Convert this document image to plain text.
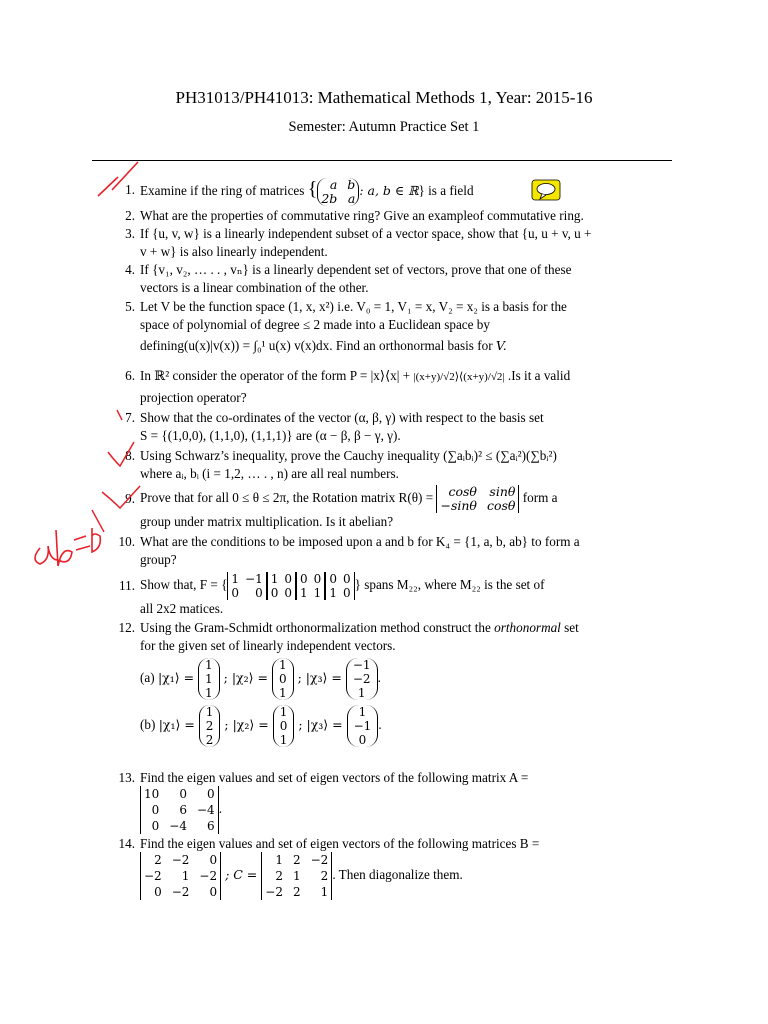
PH31013/PH41013: Mathematical Methods 1, Year: 2015-16
Semester: Autumn Practice Set 1
1. Examine if the ring of matrices {	a b
2b a
: a, b ∈ ℝ} is a field
2. What are the properties of commutative ring? Give an exampleof commutative ring.
3. If {u, v, w} is a linearly independent subset of a vector space, show that {u, u + v, u +
v + w} is also linearly independent.
4. If {v₁, v₂, … . . , vₙ} is a linearly dependent set of vectors, prove that one of these
vectors is a linear combination of the other.
5. Let V be the function space (1, x, x²) i.e. V₀ = 1, V₁ = x, V₂ = x₂ is a basis for the
space of polynomial of degree ≤ 2 made into a Euclidean space by
defining(u(x)|v(x)) = ∫₀¹ u(x) v(x)dx. Find an orthonormal basis for V.
6. In ℝ² consider the operator of the form P = |x⟩⟨x| + |(x+y)/√2⟩⟨(x+y)/√2| .Is it a valid
projection operator?
7. Show that the co-ordinates of the vector (α, β, γ) with respect to the basis set
S = {(1,0,0), (1,1,0), (1,1,1)} are (α − β, β − γ, γ).
8. Using Schwarz’s inequality, prove the Cauchy inequality (∑aᵢbᵢ)² ≤ (∑aᵢ²)(∑bᵢ²)
where aᵢ, bᵢ (i = 1,2, … . , n) are all real numbers.
9. Prove that for all 0 ≤ θ ≤ 2π, the Rotation matrix R(θ) = cosθ sinθ
−sinθ cosθ
form a
group under matrix multiplication. Is it abelian?
10. What are the conditions to be imposed upon a and b for K₄ = {1, a, b, ab} to form a
group?
11. Show that, F = { 1 −1
0	0
1 0
0 0
0 0
1 1
0 0
1 0
} spans M₂₂, where M₂₂ is the set of
all 2x2 matices.
12. Using the Gram-Schmidt orthonormalization method construct the orthonormal set
for the given set of linearly independent vectors.
(a) |χ₁⟩ =
1
1
1
; |χ₂⟩ =
1
0
1
; |χ₃⟩ =
−1
−2
1
.
(b) |χ₁⟩ =
1
2
2
; |χ₂⟩ =
1
0
1
; |χ₃⟩ =
1
−1
0
.
13. Find the eigen values and set of eigen vectors of the following matrix A =
10	0	0
0	6 −4
0 −4	6
.
14. Find the eigen values and set of eigen vectors of the following matrices B =
2 −2	0
−2	1 −2
0 −2	0
; C =
1 2 −2
2 1	2
−2 2	1
. Then diagonalize them.
